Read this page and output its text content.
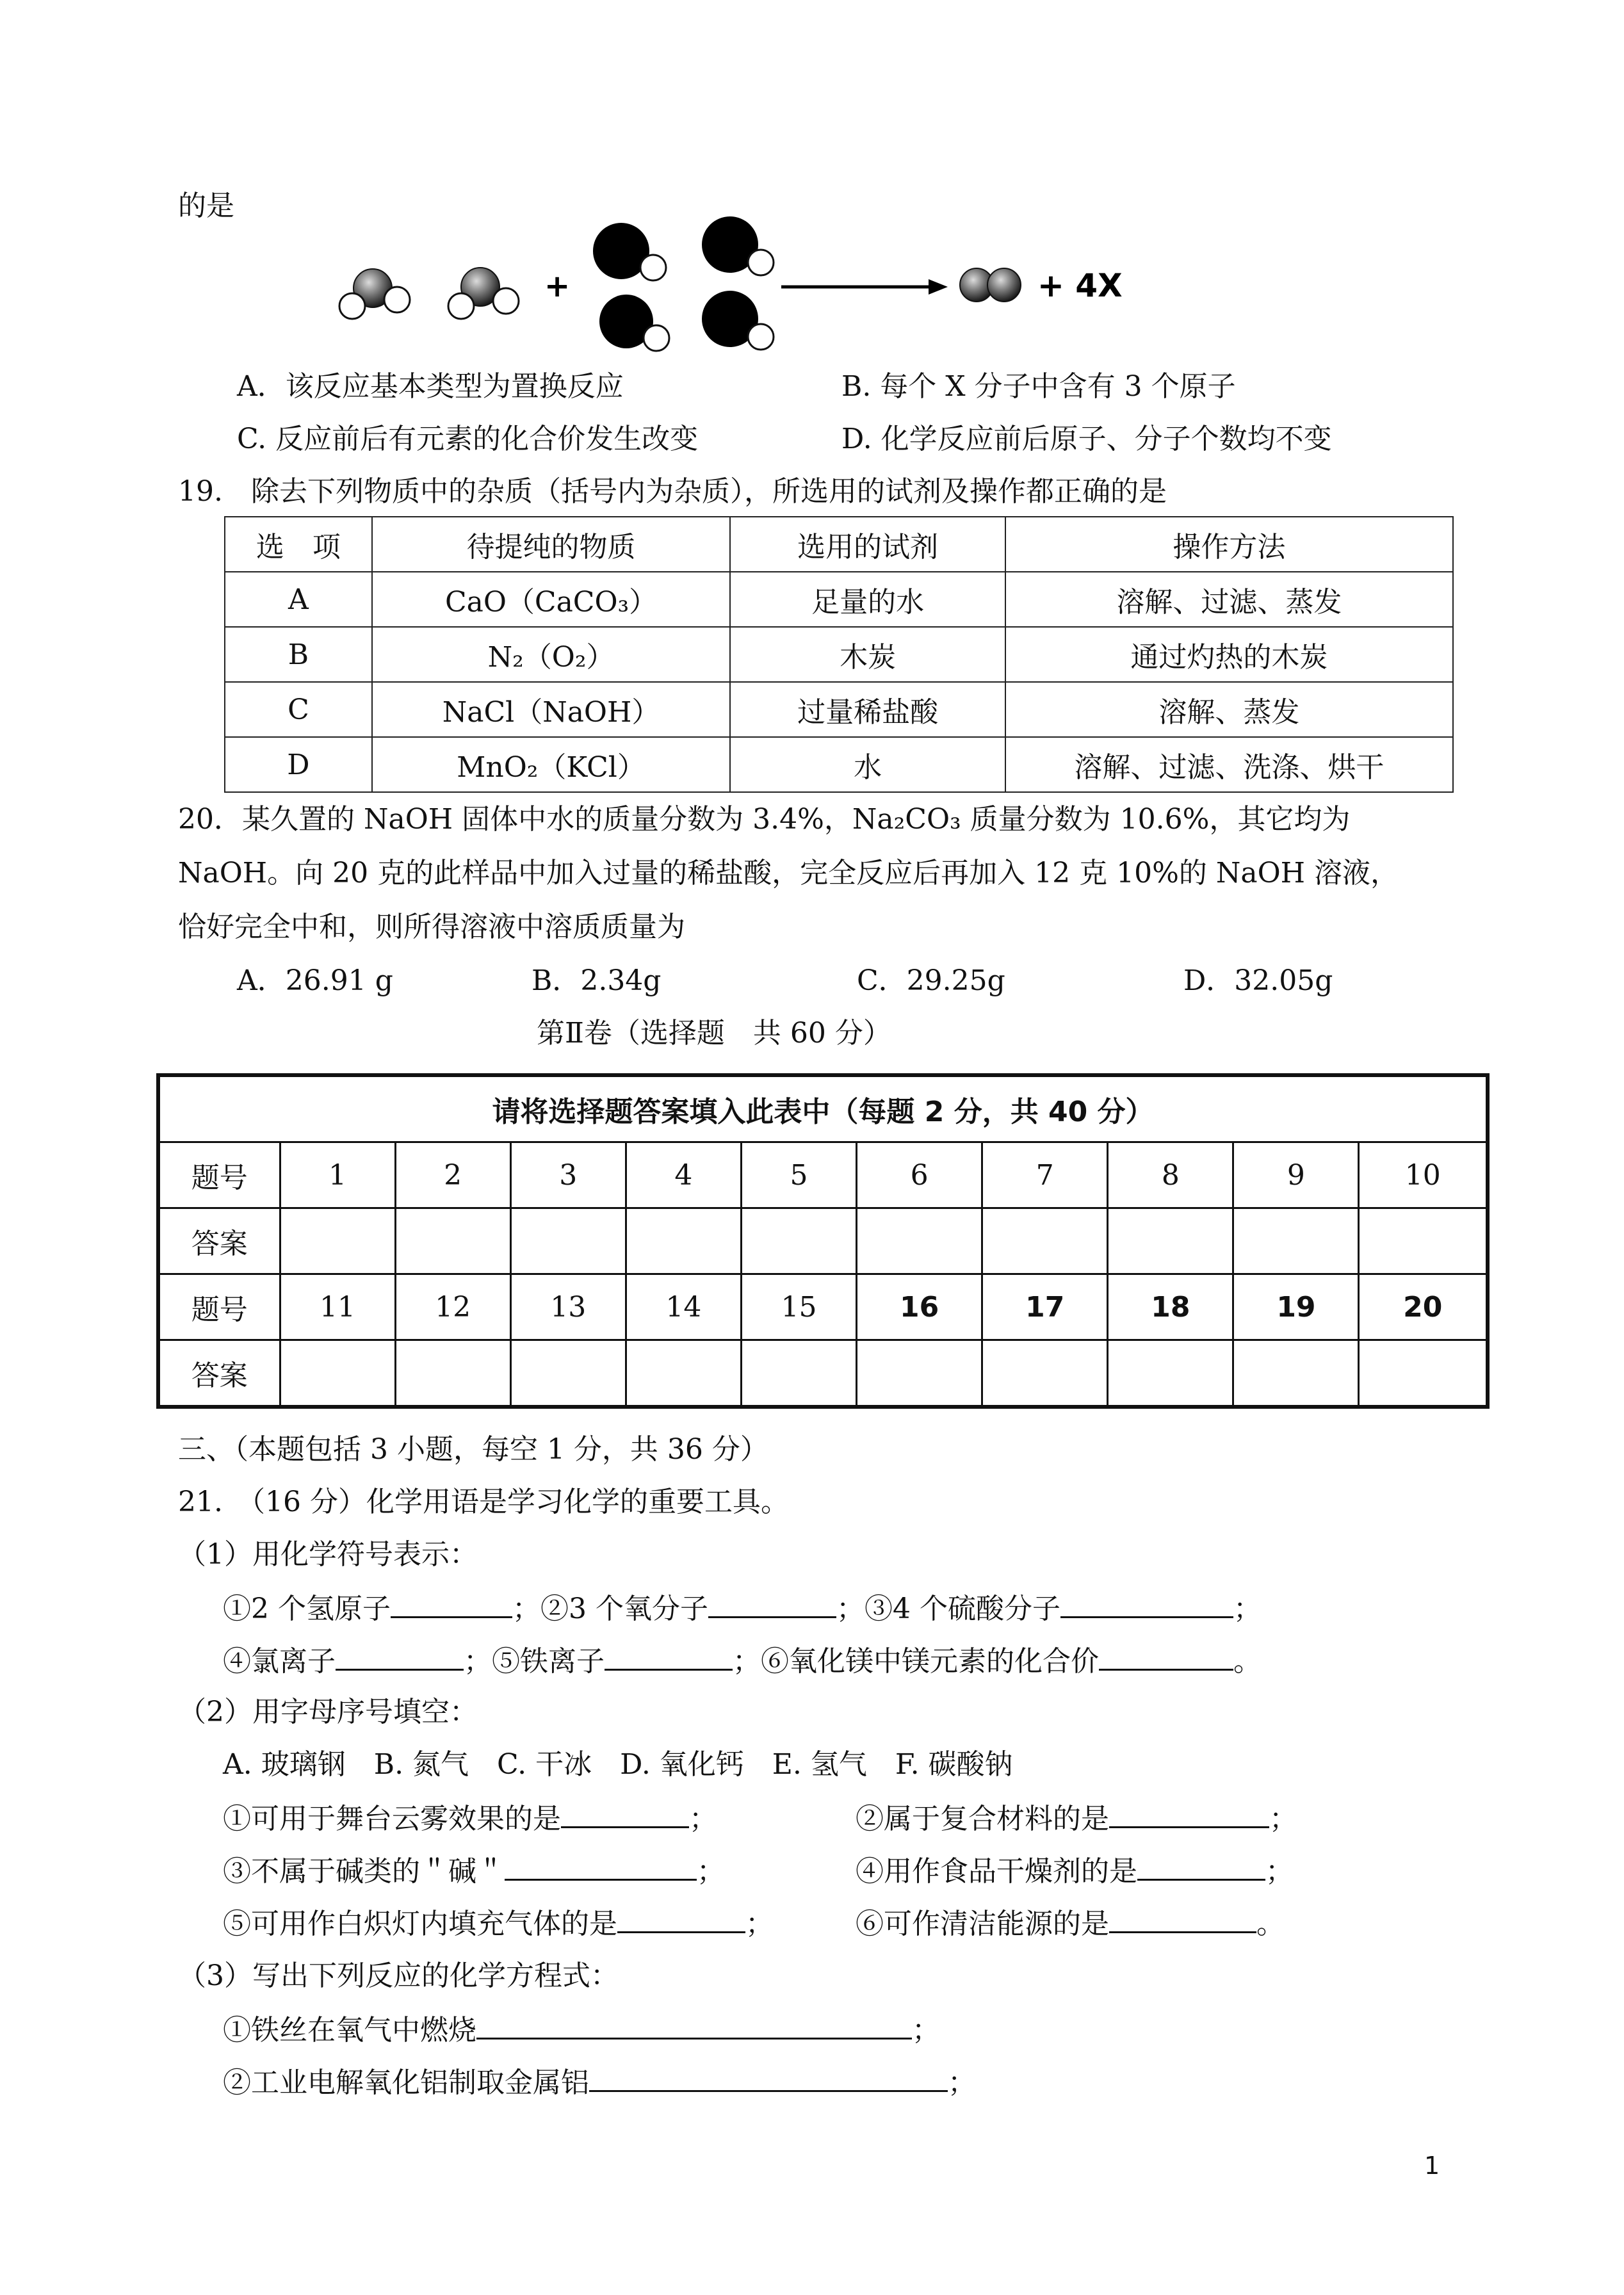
的是
+	+ 4X
A．该反应基本类型为置换反应	B. 每个 X 分子中含有 3 个原子
C. 反应前后有元素的化合价发生改变	D. 化学反应前后原子、分子个数均不变
19.　除去下列物质中的杂质（括号内为杂质），所选用的试剂及操作都正确的是
选　项	待提纯的物质	选用的试剂	操作方法
A	CaO（CaCO₃）	足量的水	溶解、过滤、蒸发
B	N₂（O₂）	木炭	通过灼热的木炭
C	NaCl（NaOH）	过量稀盐酸	溶解、蒸发
D	MnO₂（KCl）	水	溶解、过滤、洗涤、烘干
20．某久置的 NaOH 固体中水的质量分数为 3.4%，Na₂CO₃ 质量分数为 10.6%，其它均为
NaOH。向 20 克的此样品中加入过量的稀盐酸，完全反应后再加入 12 克 10%的 NaOH 溶液，
恰好完全中和，则所得溶液中溶质质量为
A．26.91 g	B．2.34g	C．29.25g	D．32.05g
第Ⅱ卷（选择题　共 60 分）
请将选择题答案填入此表中（每题 2 分，共 40 分）										
题号	1	2	3	4	5	6	7	8	9	10
答案										
题号	11	12	13	14	15	16	17	18	19	20
答案										
三、（本题包括 3 小题，每空 1 分，共 36 分）
21.　（16 分）化学用语是学习化学的重要工具。
（1）用化学符号表示：
①2 个氢原子	；②3 个氧分子	；③4 个硫酸分子	；
④氯离子	；⑤铁离子	；⑥氧化镁中镁元素的化合价	。
（2）用字母序号填空：
A. 玻璃钢　B. 氮气　C. 干冰　D. 氧化钙　E. 氢气　F. 碳酸钠
①可用于舞台云雾效果的是	；	②属于复合材料的是	；
③不属于碱类的＂碱＂	；	④用作食品干燥剂的是	；
⑤可用作白炽灯内填充气体的是	；	⑥可作清洁能源的是	。
（3）写出下列反应的化学方程式：
①铁丝在氧气中燃烧	；
②工业电解氧化铝制取金属铝	；
1
